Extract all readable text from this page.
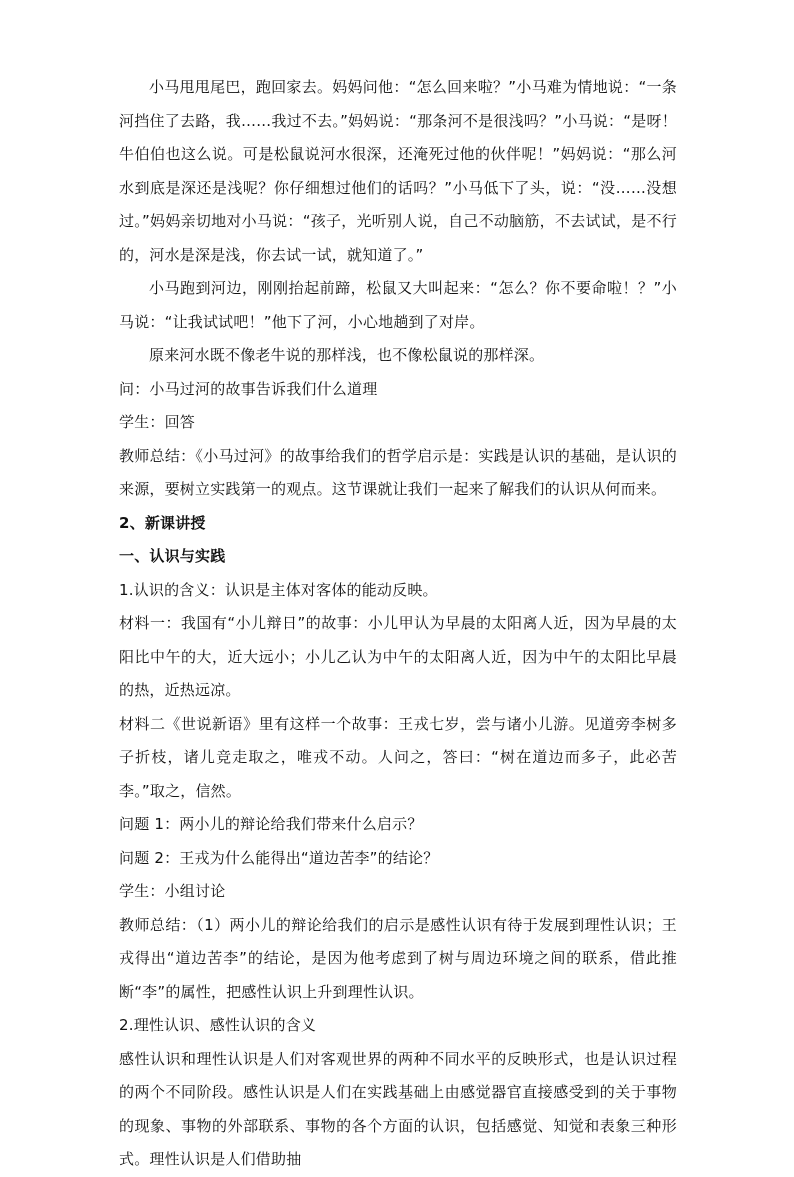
小马甩甩尾巴，跑回家去。妈妈问他：“怎么回来啦？”小马难为情地说：“一条河挡住了去路，我……我过不去。”妈妈说：“那条河不是很浅吗？”小马说：“是呀！牛伯伯也这么说。可是松鼠说河水很深，还淹死过他的伙伴呢！”妈妈说：“那么河水到底是深还是浅呢？你仔细想过他们的话吗？”小马低下了头，说：“没……没想过。”妈妈亲切地对小马说：“孩子，光听别人说，自己不动脑筋，不去试试，是不行的，河水是深是浅，你去试一试，就知道了。”

小马跑到河边，刚刚抬起前蹄，松鼠又大叫起来：“怎么？你不要命啦！？”小马说：“让我试试吧！”他下了河，小心地趟到了对岸。

原来河水既不像老牛说的那样浅，也不像松鼠说的那样深。

问：小马过河的故事告诉我们什么道理

学生：回答

教师总结：《小马过河》的故事给我们的哲学启示是：实践是认识的基础，是认识的来源，要树立实践第一的观点。这节课就让我们一起来了解我们的认识从何而来。

2、新课讲授

一、认识与实践

1.认识的含义：认识是主体对客体的能动反映。

材料一：我国有“小儿辩日”的故事：小儿甲认为早晨的太阳离人近，因为早晨的太阳比中午的大，近大远小；小儿乙认为中午的太阳离人近，因为中午的太阳比早晨的热，近热远凉。

材料二《世说新语》里有这样一个故事：王戎七岁，尝与诸小儿游。见道旁李树多子折枝，诸儿竞走取之，唯戎不动。人问之，答曰：“树在道边而多子，此必苦李。”取之，信然。

问题 1：两小儿的辩论给我们带来什么启示？

问题 2：王戎为什么能得出“道边苦李”的结论？

学生：小组讨论

教师总结：（1）两小儿的辩论给我们的启示是感性认识有待于发展到理性认识；王戎得出“道边苦李”的结论，是因为他考虑到了树与周边环境之间的联系，借此推断“李”的属性，把感性认识上升到理性认识。

2.理性认识、感性认识的含义

感性认识和理性认识是人们对客观世界的两种不同水平的反映形式，也是认识过程的两个不同阶段。感性认识是人们在实践基础上由感觉器官直接感受到的关于事物的现象、事物的外部联系、事物的各个方面的认识，包括感觉、知觉和表象三种形式。理性认识是人们借助抽
